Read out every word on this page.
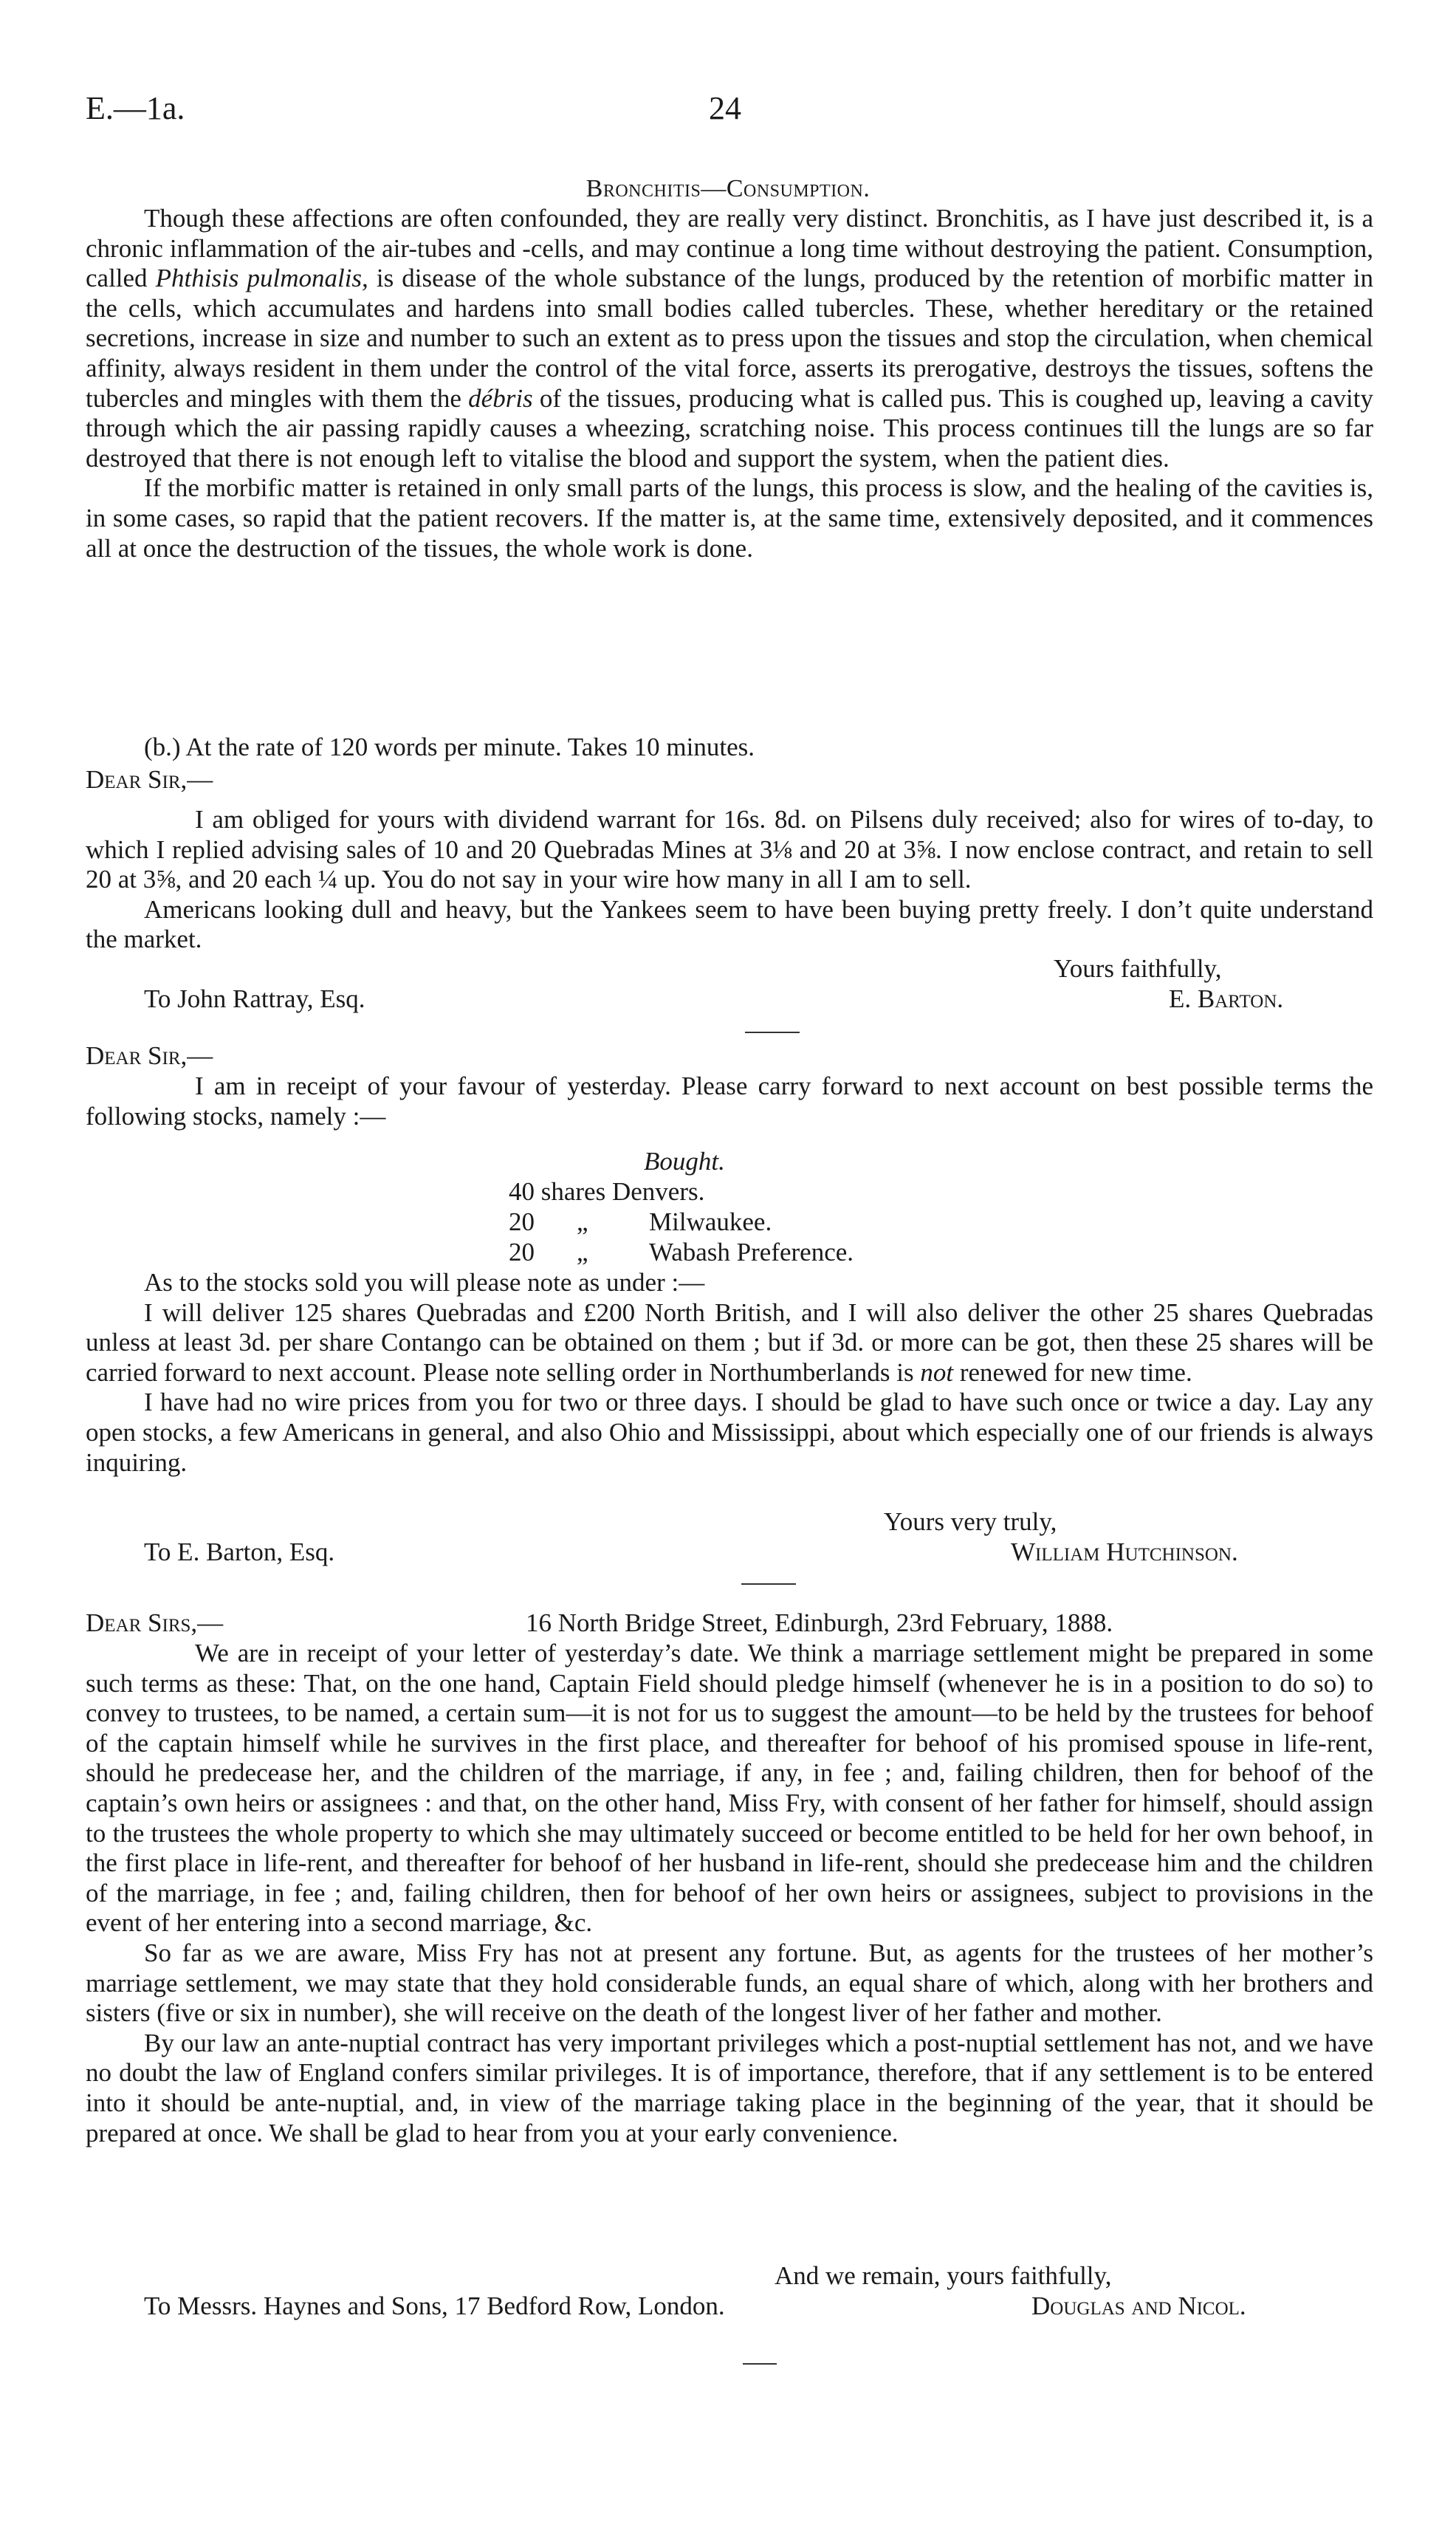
E.—1a.	24
Bronchitis—Consumption.

Though these affections are often confounded, they are really very distinct. Bronchitis, as I have just described it, is a chronic inflammation of the air-tubes and -cells, and may continue a long time without destroying the patient. Consumption, called Phthisis pulmonalis, is disease of the whole substance of the lungs, produced by the retention of morbific matter in the cells, which accumulates and hardens into small bodies called tubercles. These, whether hereditary or the retained secretions, increase in size and number to such an extent as to press upon the tissues and stop the circulation, when chemical affinity, always resident in them under the control of the vital force, asserts its prerogative, destroys the tissues, softens the tubercles and mingles with them the débris of the tissues, producing what is called pus. This is coughed up, leaving a cavity through which the air passing rapidly causes a wheezing, scratching noise. This process continues till the lungs are so far destroyed that there is not enough left to vitalise the blood and support the system, when the patient dies.

If the morbific matter is retained in only small parts of the lungs, this process is slow, and the healing of the cavities is, in some cases, so rapid that the patient recovers. If the matter is, at the same time, extensively deposited, and it commences all at once the destruction of the tissues, the whole work is done.

(b.) At the rate of 120 words per minute. Takes 10 minutes.
Dear Sir,—

I am obliged for yours with dividend warrant for 16s. 8d. on Pilsens duly received; also for wires of to-day, to which I replied advising sales of 10 and 20 Quebradas Mines at 3⅛ and 20 at 3⅝. I now enclose contract, and retain to sell 20 at 3⅝, and 20 each ¼ up. You do not say in your wire how many in all I am to sell.

Americans looking dull and heavy, but the Yankees seem to have been buying pretty freely. I don’t quite understand the market.

Yours faithfully,
To John Rattray, Esq.	E. Barton.
Dear Sir,—

I am in receipt of your favour of yesterday. Please carry forward to next account on best possible terms the following stocks, namely :—

Bought.
40 shares Denvers.
20 „ Milwaukee.
20 „ Wabash Preference.

As to the stocks sold you will please note as under :—

I will deliver 125 shares Quebradas and £200 North British, and I will also deliver the other 25 shares Quebradas unless at least 3d. per share Contango can be obtained on them ; but if 3d. or more can be got, then these 25 shares will be carried forward to next account. Please note selling order in Northumberlands is not renewed for new time.

I have had no wire prices from you for two or three days. I should be glad to have such once or twice a day. Lay any open stocks, a few Americans in general, and also Ohio and Mississippi, about which especially one of our friends is always inquiring.

Yours very truly,
To E. Barton, Esq.	William Hutchinson.
Dear Sirs,—	16 North Bridge Street, Edinburgh, 23rd February, 1888.

We are in receipt of your letter of yesterday’s date. We think a marriage settlement might be prepared in some such terms as these: That, on the one hand, Captain Field should pledge himself (whenever he is in a position to do so) to convey to trustees, to be named, a certain sum—it is not for us to suggest the amount—to be held by the trustees for behoof of the captain himself while he survives in the first place, and thereafter for behoof of his promised spouse in life-rent, should he predecease her, and the children of the marriage, if any, in fee ; and, failing children, then for behoof of the captain’s own heirs or assignees : and that, on the other hand, Miss Fry, with consent of her father for himself, should assign to the trustees the whole property to which she may ultimately succeed or become entitled to be held for her own behoof, in the first place in life-rent, and thereafter for behoof of her husband in life-rent, should she predecease him and the children of the marriage, in fee ; and, failing children, then for behoof of her own heirs or assignees, subject to provisions in the event of her entering into a second marriage, &c.

So far as we are aware, Miss Fry has not at present any fortune. But, as agents for the trustees of her mother’s marriage settlement, we may state that they hold considerable funds, an equal share of which, along with her brothers and sisters (five or six in number), she will receive on the death of the longest liver of her father and mother.

By our law an ante-nuptial contract has very important privileges which a post-nuptial settlement has not, and we have no doubt the law of England confers similar privileges. It is of importance, therefore, that if any settlement is to be entered into it should be ante-nuptial, and, in view of the marriage taking place in the beginning of the year, that it should be prepared at once. We shall be glad to hear from you at your early convenience.

And we remain, yours faithfully,
To Messrs. Haynes and Sons, 17 Bedford Row, London.	Douglas and Nicol.
